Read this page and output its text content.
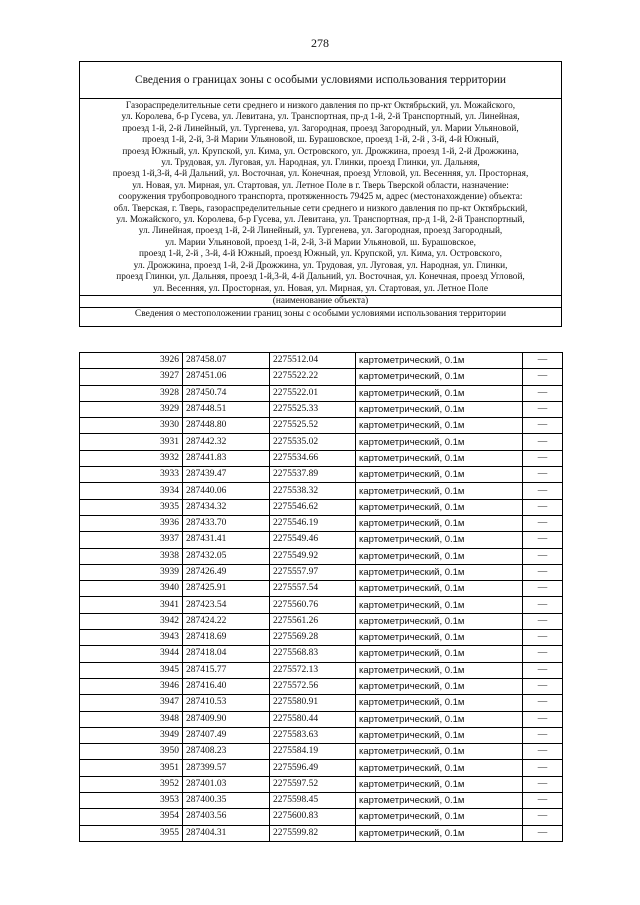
278
Сведения о границах зоны с особыми условиями использования территории
Газораспределительные сети среднего и низкого давления по пр-кт Октябрьский, ул. Можайского,
ул. Королева, б-р Гусева, ул. Левитана, ул. Транспортная, пр-д 1-й, 2-й Транспортный, ул. Линейная,
проезд 1-й, 2-й Линейный, ул. Тургенева, ул. Загородная, проезд Загородный, ул. Марии Ульяновой,
проезд 1-й, 2-й, 3-й Марии Ульяновой, ш. Бурашовское, проезд 1-й, 2-й , 3-й, 4-й Южный,
проезд Южный, ул. Крупской, ул. Кима, ул. Островского, ул. Дрожжина, проезд 1-й, 2-й Дрожжина,
ул. Трудовая, ул. Луговая, ул. Народная, ул. Глинки, проезд Глинки, ул. Дальняя,
проезд 1-й,3-й, 4-й Дальний, ул. Восточная, ул. Конечная, проезд Угловой, ул. Весенняя, ул. Просторная,
ул. Новая, ул. Мирная, ул. Стартовая, ул. Летное Поле в г. Тверь Тверской области, назначение:
сооружения трубопроводного транспорта, протяженность 79425 м, адрес (местонахождение) объекта:
обл. Тверская, г. Тверь, газораспределительные сети среднего и низкого давления по пр-кт Октябрьский,
ул. Можайского, ул. Королева, б-р Гусева, ул. Левитана, ул. Транспортная, пр-д 1-й, 2-й Транспортный,
ул. Линейная, проезд 1-й, 2-й Линейный, ул. Тургенева, ул. Загородная, проезд Загородный,
ул. Марии Ульяновой, проезд 1-й, 2-й, 3-й Марии Ульяновой, ш. Бурашовское,
проезд 1-й, 2-й , 3-й, 4-й Южный, проезд Южный, ул. Крупской, ул. Кима, ул. Островского,
ул. Дрожжина, проезд 1-й, 2-й Дрожжина, ул. Трудовая, ул. Луговая, ул. Народная, ул. Глинки,
проезд Глинки, ул. Дальняя, проезд 1-й,3-й, 4-й Дальний, ул. Восточная, ул. Конечная, проезд Угловой,
ул. Весенняя, ул. Просторная, ул. Новая, ул. Мирная, ул. Стартовая, ул. Летное Поле
(наименование объекта)
Сведения о местоположении границ зоны с особыми условиями использования территории
3926	287458.07	2275512.04	картометрический, 0.1м	—
3927	287451.06	2275522.22	картометрический, 0.1м	—
3928	287450.74	2275522.01	картометрический, 0.1м	—
3929	287448.51	2275525.33	картометрический, 0.1м	—
3930	287448.80	2275525.52	картометрический, 0.1м	—
3931	287442.32	2275535.02	картометрический, 0.1м	—
3932	287441.83	2275534.66	картометрический, 0.1м	—
3933	287439.47	2275537.89	картометрический, 0.1м	—
3934	287440.06	2275538.32	картометрический, 0.1м	—
3935	287434.32	2275546.62	картометрический, 0.1м	—
3936	287433.70	2275546.19	картометрический, 0.1м	—
3937	287431.41	2275549.46	картометрический, 0.1м	—
3938	287432.05	2275549.92	картометрический, 0.1м	—
3939	287426.49	2275557.97	картометрический, 0.1м	—
3940	287425.91	2275557.54	картометрический, 0.1м	—
3941	287423.54	2275560.76	картометрический, 0.1м	—
3942	287424.22	2275561.26	картометрический, 0.1м	—
3943	287418.69	2275569.28	картометрический, 0.1м	—
3944	287418.04	2275568.83	картометрический, 0.1м	—
3945	287415.77	2275572.13	картометрический, 0.1м	—
3946	287416.40	2275572.56	картометрический, 0.1м	—
3947	287410.53	2275580.91	картометрический, 0.1м	—
3948	287409.90	2275580.44	картометрический, 0.1м	—
3949	287407.49	2275583.63	картометрический, 0.1м	—
3950	287408.23	2275584.19	картометрический, 0.1м	—
3951	287399.57	2275596.49	картометрический, 0.1м	—
3952	287401.03	2275597.52	картометрический, 0.1м	—
3953	287400.35	2275598.45	картометрический, 0.1м	—
3954	287403.56	2275600.83	картометрический, 0.1м	—
3955	287404.31	2275599.82	картометрический, 0.1м	—
